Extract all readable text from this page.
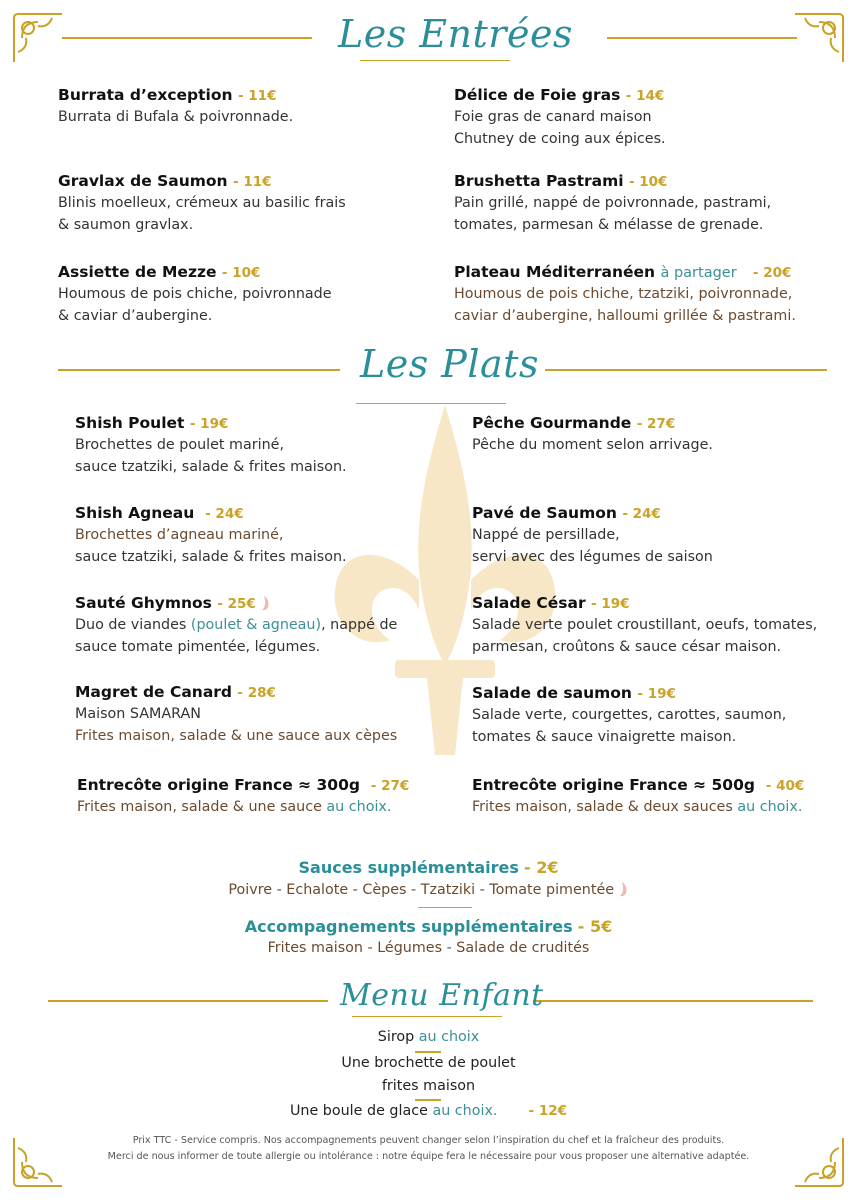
Les Entrées
Burrata d’exception - 11€
Burrata di Bufala & poivronnade.
Délice de Foie gras - 14€
Foie gras de canard maison
Chutney de coing aux épices.
Gravlax de Saumon - 11€
Blinis moelleux, crémeux au basilic frais
& saumon gravlax.
Brushetta Pastrami - 10€
Pain grillé, nappé de poivronnade, pastrami,
tomates, parmesan & mélasse de grenade.
Assiette de Mezze - 10€
Houmous de pois chiche, poivronnade
& caviar d’aubergine.
Plateau Méditerranéen à partager - 20€
Houmous de pois chiche, tzatziki, poivronnade,
caviar d’aubergine, halloumi grillée & pastrami.
Les Plats
Shish Poulet - 19€
Brochettes de poulet mariné,
sauce tzatziki, salade & frites maison.
Pêche Gourmande - 27€
Pêche du moment selon arrivage.
Shish Agneau - 24€
Brochettes d’agneau mariné,
sauce tzatziki, salade & frites maison.
Pavé de Saumon - 24€
Nappé de persillade,
servi avec des légumes de saison
Sauté Ghymnos - 25€
Duo de viandes (poulet & agneau), nappé de
sauce tomate pimentée, légumes.
Salade César - 19€
Salade verte poulet croustillant, oeufs, tomates,
parmesan, croûtons & sauce césar maison.
Magret de Canard - 28€
Maison SAMARAN
Frites maison, salade & une sauce aux cèpes
Salade de saumon - 19€
Salade verte, courgettes, carottes, saumon,
tomates & sauce vinaigrette maison.
Entrecôte origine France ≈ 300g - 27€
Frites maison, salade & une sauce au choix.
Entrecôte origine France ≈ 500g - 40€
Frites maison, salade & deux sauces au choix.
Sauces supplémentaires - 2€
Poivre - Echalote - Cèpes - Tzatziki - Tomate pimentée
Accompagnements supplémentaires - 5€
Frites maison - Légumes - Salade de crudités
Menu Enfant
Sirop au choix
Une brochette de poulet
frites maison
Une boule de glace au choix. - 12€
Prix TTC - Service compris. Nos accompagnements peuvent changer selon l’inspiration du chef et la fraîcheur des produits.
Merci de nous informer de toute allergie ou intolérance : notre équipe fera le nécessaire pour vous proposer une alternative adaptée.
